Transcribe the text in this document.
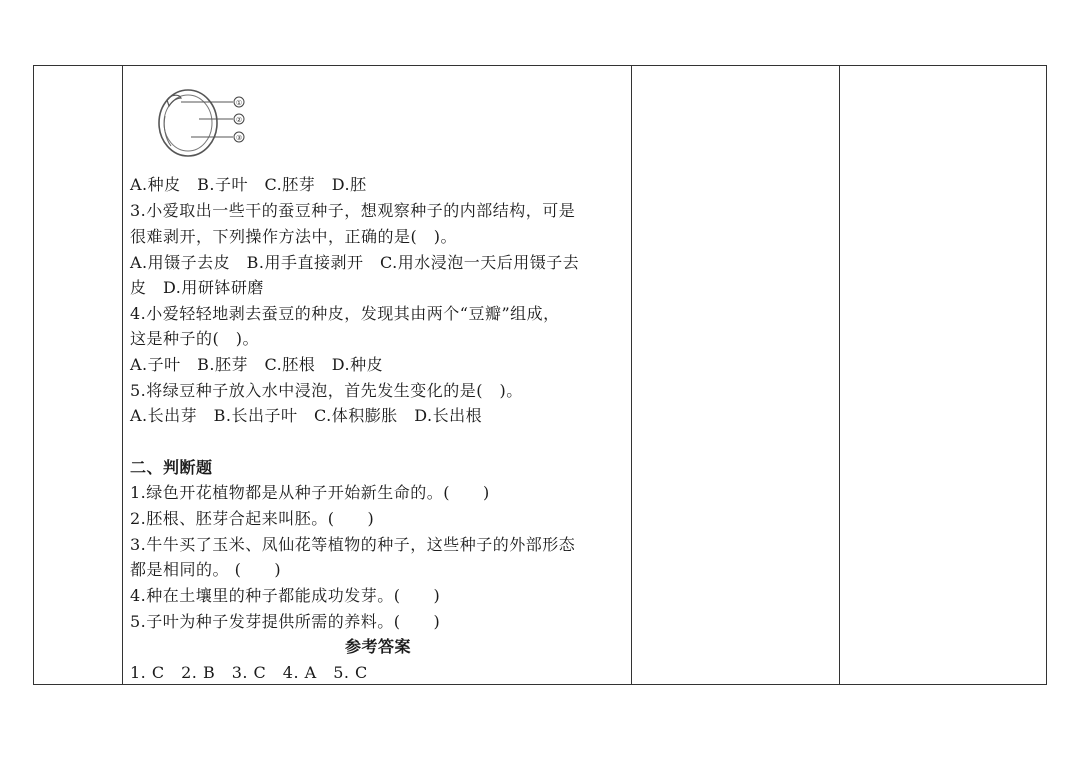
①
②
③
A.种皮　B.子叶　C.胚芽　D.胚
3.小爱取出一些干的蚕豆种子，想观察种子的内部结构，可是
很难剥开，下列操作方法中，正确的是(　)。
A.用镊子去皮　B.用手直接剥开　C.用水浸泡一天后用镊子去
皮　D.用研钵研磨
4.小爱轻轻地剥去蚕豆的种皮，发现其由两个“豆瓣”组成，
这是种子的(　)。
A.子叶　B.胚芽　C.胚根　D.种皮
5.将绿豆种子放入水中浸泡，首先发生变化的是(　)。
A.长出芽　B.长出子叶　C.体积膨胀　D.长出根
二、判断题
1.绿色开花植物都是从种子开始新生命的。(　　)
2.胚根、胚芽合起来叫胚。(　　)
3.牛牛买了玉米、凤仙花等植物的种子，这些种子的外部形态
都是相同的。 (　　)
4.种在土壤里的种子都能成功发芽。(　　)
5.子叶为种子发芽提供所需的养料。(　　)
参考答案
1. C　2. B　3. C　4. A　5. C
